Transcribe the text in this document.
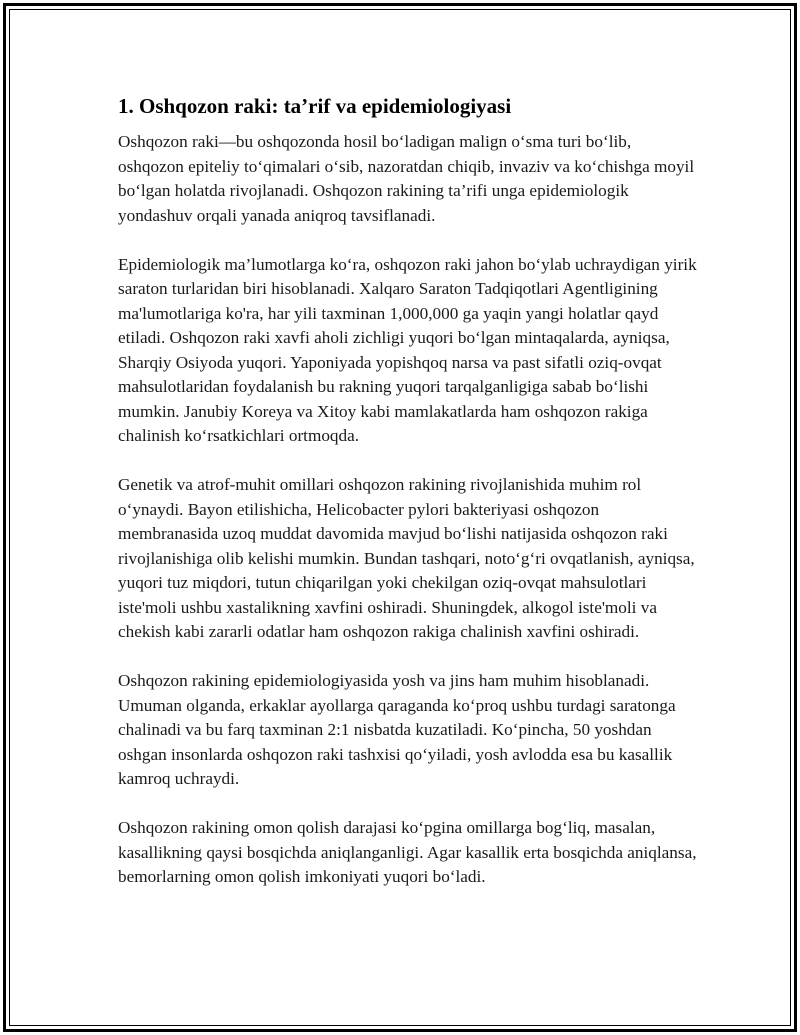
1. Oshqozon raki: ta’rif va epidemiologiyasi

Oshqozon raki—bu oshqozonda hosil bo‘ladigan malign o‘sma turi bo‘lib, oshqozon epiteliy to‘qimalari o‘sib, nazoratdan chiqib, invaziv va ko‘chishga moyil bo‘lgan holatda rivojlanadi. Oshqozon rakining ta’rifi unga epidemiologik yondashuv orqali yanada aniqroq tavsiflanadi.

Epidemiologik ma’lumotlarga ko‘ra, oshqozon raki jahon bo‘ylab uchraydigan yirik saraton turlaridan biri hisoblanadi. Xalqaro Saraton Tadqiqotlari Agentligining ma'lumotlariga ko'ra, har yili taxminan 1,000,000 ga yaqin yangi holatlar qayd etiladi. Oshqozon raki xavfi aholi zichligi yuqori bo‘lgan mintaqalarda, ayniqsa, Sharqiy Osiyoda yuqori. Yaponiyada yopishqoq narsa va past sifatli oziq-ovqat mahsulotlaridan foydalanish bu rakning yuqori tarqalganligiga sabab bo‘lishi mumkin. Janubiy Koreya va Xitoy kabi mamlakatlarda ham oshqozon rakiga chalinish ko‘rsatkichlari ortmoqda.

Genetik va atrof-muhit omillari oshqozon rakining rivojlanishida muhim rol o‘ynaydi. Bayon etilishicha, Helicobacter pylori bakteriyasi oshqozon membranasida uzoq muddat davomida mavjud bo‘lishi natijasida oshqozon raki rivojlanishiga olib kelishi mumkin. Bundan tashqari, noto‘g‘ri ovqatlanish, ayniqsa, yuqori tuz miqdori, tutun chiqarilgan yoki chekilgan oziq-ovqat mahsulotlari iste'moli ushbu xastalikning xavfini oshiradi. Shuningdek, alkogol iste'moli va chekish kabi zararli odatlar ham oshqozon rakiga chalinish xavfini oshiradi.

Oshqozon rakining epidemiologiyasida yosh va jins ham muhim hisoblanadi. Umuman olganda, erkaklar ayollarga qaraganda ko‘proq ushbu turdagi saratonga chalinadi va bu farq taxminan 2:1 nisbatda kuzatiladi. Ko‘pincha, 50 yoshdan oshgan insonlarda oshqozon raki tashxisi qo‘yiladi, yosh avlodda esa bu kasallik kamroq uchraydi.

Oshqozon rakining omon qolish darajasi ko‘pgina omillarga bog‘liq, masalan, kasallikning qaysi bosqichda aniqlanganligi. Agar kasallik erta bosqichda aniqlansa, bemorlarning omon qolish imkoniyati yuqori bo‘ladi.
